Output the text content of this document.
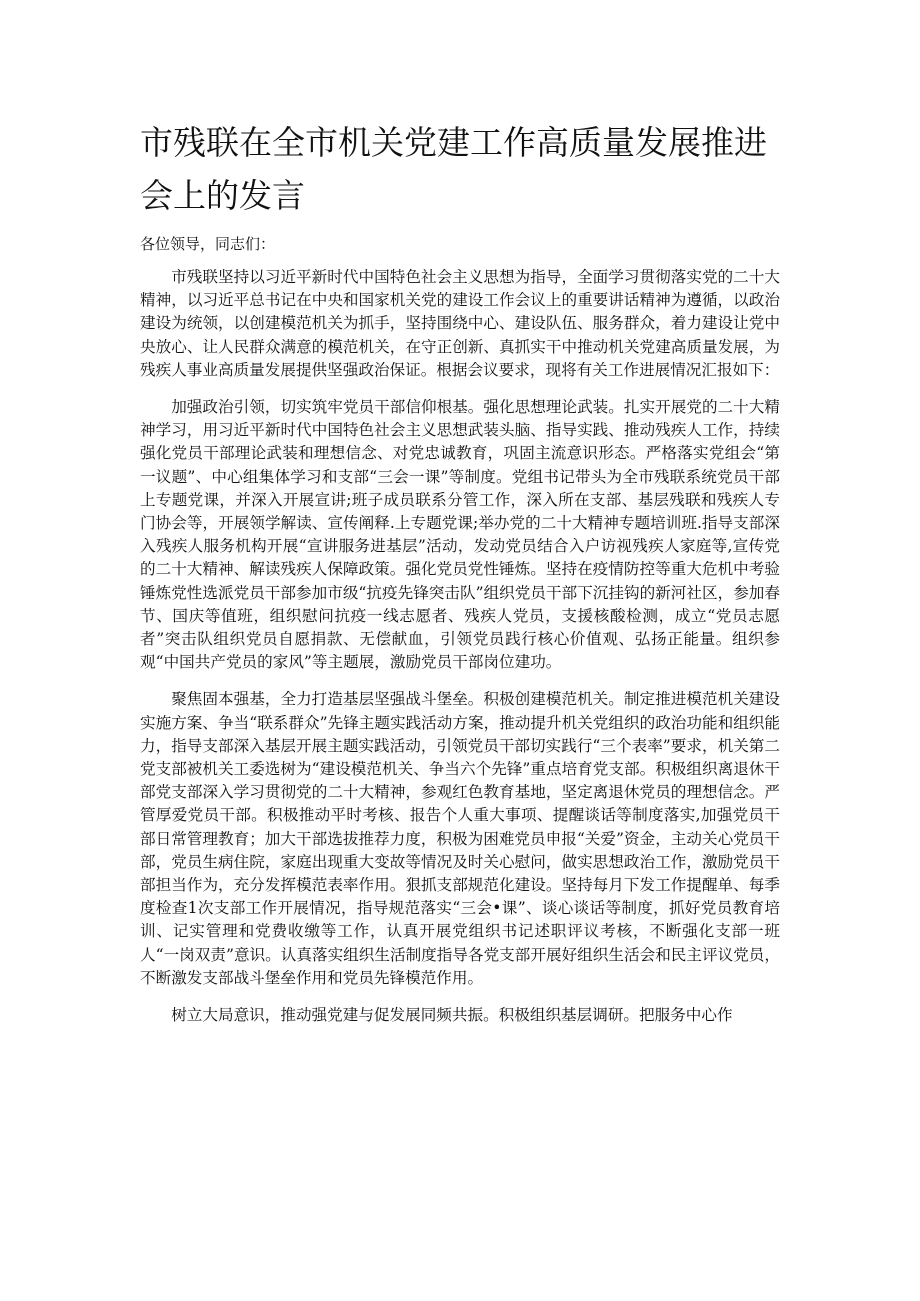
市残联在全市机关党建工作高质量发展推进会上的发言

各位领导，同志们：

市残联坚持以习近平新时代中国特色社会主义思想为指导，全面学习贯彻落实党的二十大精神，以习近平总书记在中央和国家机关党的建设工作会议上的重要讲话精神为遵循，以政治建设为统领，以创建模范机关为抓手，坚持围绕中心、建设队伍、服务群众，着力建设让党中央放心、让人民群众满意的模范机关，在守正创新、真抓实干中推动机关党建高质量发展，为残疾人事业高质量发展提供坚强政治保证。根据会议要求，现将有关工作进展情况汇报如下：

加强政治引领，切实筑牢党员干部信仰根基。强化思想理论武装。扎实开展党的二十大精神学习，用习近平新时代中国特色社会主义思想武装头脑、指导实践、推动残疾人工作，持续强化党员干部理论武装和理想信念、对党忠诚教育，巩固主流意识形态。严格落实党组会“第一议题”、中心组集体学习和支部“三会一课”等制度。党组书记带头为全市残联系统党员干部上专题党课，并深入开展宣讲;班子成员联系分管工作，深入所在支部、基层残联和残疾人专门协会等，开展领学解读、宣传阐释.上专题党课;举办党的二十大精神专题培训班.指导支部深入残疾人服务机构开展“宣讲服务进基层”活动，发动党员结合入户访视残疾人家庭等,宣传党的二十大精神、解读残疾人保障政策。强化党员党性锤炼。坚持在疫情防控等重大危机中考验锤炼党性选派党员干部参加市级“抗疫先锋突击队”组织党员干部下沉挂钩的新河社区，参加春节、国庆等值班，组织慰问抗疫一线志愿者、残疾人党员，支援核酸检测，成立“党员志愿者”突击队组织党员自愿捐款、无偿献血，引领党员践行核心价值观、弘扬正能量。组织参观“中国共产党员的家风”等主题展，激励党员干部岗位建功。

聚焦固本强基，全力打造基层坚强战斗堡垒。积极创建模范机关。制定推进模范机关建设实施方案、争当“联系群众”先锋主题实践活动方案，推动提升机关党组织的政治功能和组织能力，指导支部深入基层开展主题实践活动，引领党员干部切实践行“三个表率”要求，机关第二党支部被机关工委选树为“建设模范机关、争当六个先锋”重点培育党支部。积极组织离退休干部党支部深入学习贯彻党的二十大精神，参观红色教育基地，坚定离退休党员的理想信念。严管厚爱党员干部。积极推动平时考核、报告个人重大事项、提醒谈话等制度落实,加强党员干部日常管理教育；加大干部选拔推荐力度，积极为困难党员申报“关爱”资金，主动关心党员干部，党员生病住院，家庭出现重大变故等情况及时关心慰问，做实思想政治工作，激励党员干部担当作为，充分发挥模范表率作用。狠抓支部规范化建设。坚持每月下发工作提醒单、每季度检查1次支部工作开展情况，指导规范落实“三会•课”、谈心谈话等制度，抓好党员教育培训、记实管理和党费收缴等工作，认真开展党组织书记述职评议考核，不断强化支部一班人“一岗双责”意识。认真落实组织生活制度指导各党支部开展好组织生活会和民主评议党员，不断激发支部战斗堡垒作用和党员先锋模范作用。

树立大局意识，推动强党建与促发展同频共振。积极组织基层调研。把服务中心作
